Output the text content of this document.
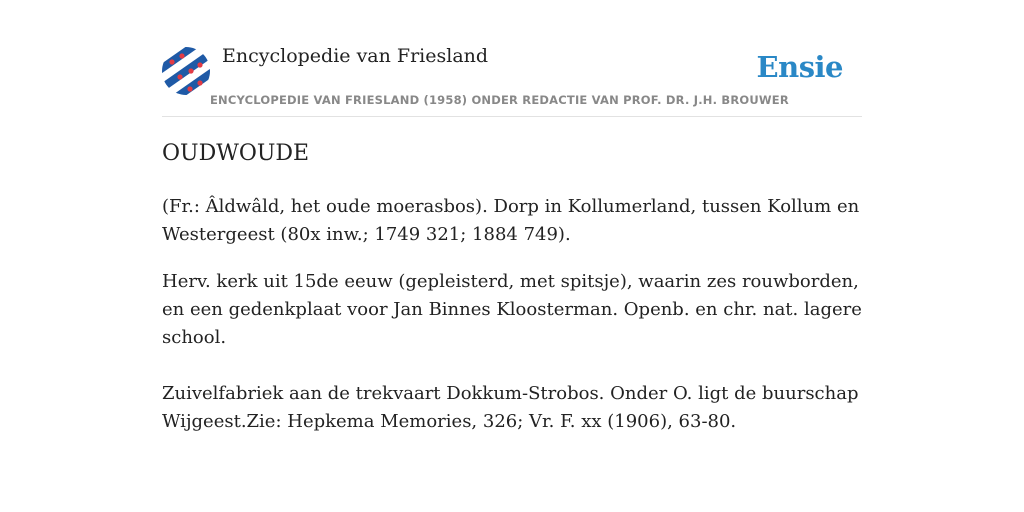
Encyclopedie van Friesland
ENCYCLOPEDIE VAN FRIESLAND (1958) ONDER REDACTIE VAN PROF. DR. J.H. BROUWER
Ensie
OUDWOUDE

(Fr.: Âldwâld, het oude moerasbos). Dorp in Kollumerland, tussen Kollum en Westergeest (80x inw.; 1749 321; 1884 749).

Herv. kerk uit 15de eeuw (gepleisterd, met spitsje), waarin zes rouwborden, en een gedenkplaat voor Jan Binnes Kloosterman. Openb. en chr. nat. lagere school.

Zuivelfabriek aan de trekvaart Dokkum-Strobos. Onder O. ligt de buurschap Wijgeest.Zie: Hepkema Memories, 326; Vr. F. xx (1906), 63-80.
